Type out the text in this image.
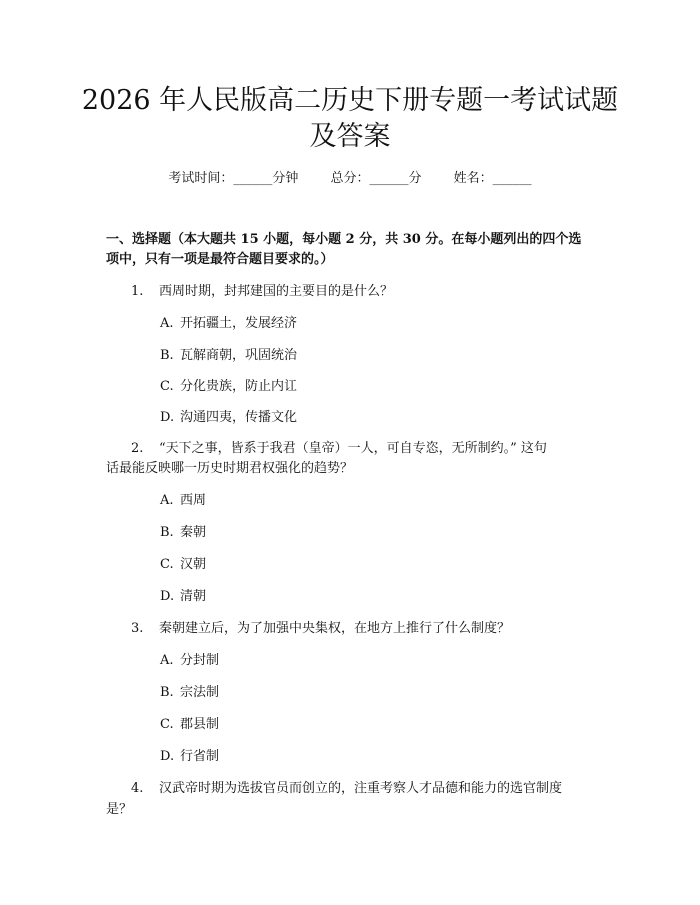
2026 年人民版高二历史下册专题一考试试题
及答案
考试时间：______分钟 总分：______分 姓名：______
一、选择题（本大题共 15 小题，每小题 2 分，共 30 分。在每小题列出的四个选
项中，只有一项是最符合题目要求的。）
1. 西周时期，封邦建国的主要目的是什么？
A. 开拓疆土，发展经济
B. 瓦解商朝，巩固统治
C. 分化贵族，防止内讧
D. 沟通四夷，传播文化
2. “天下之事，皆系于我君（皇帝）一人，可自专恣，无所制约。” 这句
话最能反映哪一历史时期君权强化的趋势？
A. 西周
B. 秦朝
C. 汉朝
D. 清朝
3. 秦朝建立后，为了加强中央集权，在地方上推行了什么制度？
A. 分封制
B. 宗法制
C. 郡县制
D. 行省制
4. 汉武帝时期为选拔官员而创立的，注重考察人才品德和能力的选官制度
是？
